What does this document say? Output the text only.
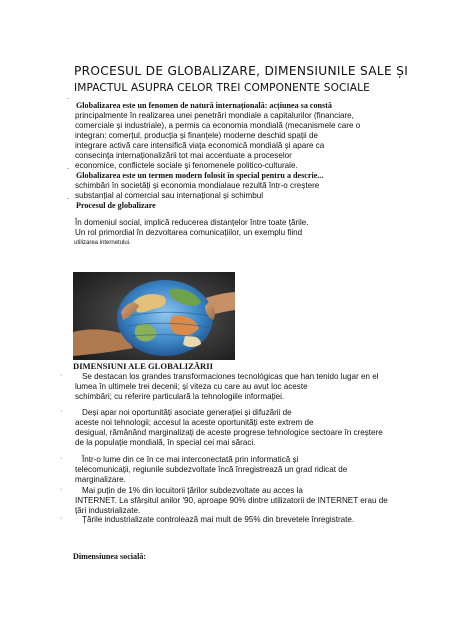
PROCESUL DE GLOBALIZARE, DIMENSIUNILE SALE ȘI
IMPACTUL ASUPRA CELOR TREI COMPONENTE SOCIALE
¨ Globalizarea este un fenomen de natură internațională: acțiunea sa constă
principalmente în realizarea unei penetrări mondiale a capitalurilor (financiare,
comerciale și industriale), a permis ca economia mondială (mecanismele care o
integran: comerțul, producția și finanțele) moderne deschid spații de
integrare activă care intensifică viața economică mondială și apare ca
consecința internaționalizării tot mai accentuate a proceselor
economice, conflictele sociale și fenomenele politico-culturale.
¨ Globalizarea este un termen modern folosit în special pentru a descrie...
schimbări în societăți și economia mondialaue rezultă într-o creștere
substanțial al comercial sau internațional și schimbul
¨ Procesul de globalizare
În domeniul social, implică reducerea distanțelor între toate țările.
Un rol primordial în dezvoltarea comunicațiilor, un exemplu fiind
utilizarea internetului.
DIMENSIUNI ALE GLOBALIZĂRII
· Se destacan los grandes transformaciones tecnológicas que han tenido lugar en el
lumea în ultimele trei decenii; și viteza cu care au avut loc aceste
schimbări; cu referire particulară la tehnologiile informației.
· Deși apar noi oportunități asociate generației și difuzării de
aceste noi tehnologii; accesul la aceste oportunități este extrem de
desigual, rămânând marginalizați de aceste progrese tehnologice sectoare în creștere
de la populație mondială, în special cei mai săraci.
· Într-o lume din ce în ce mai interconectată prin informatică și
telecomunicații, regiunile subdezvoltate încă înregistrează un grad ridicat de
marginalizare.
· Mai puțin de 1% din locuitorii țărilor subdezvoltate au acces la
INTERNET. La sfârșitul anilor '90, aproape 90% dintre utilizatorii de INTERNET erau de
țări industrializate.
· Țările industrializate controlează mai mult de 95% din brevetele înregistrate.
Dimensiunea socială:
